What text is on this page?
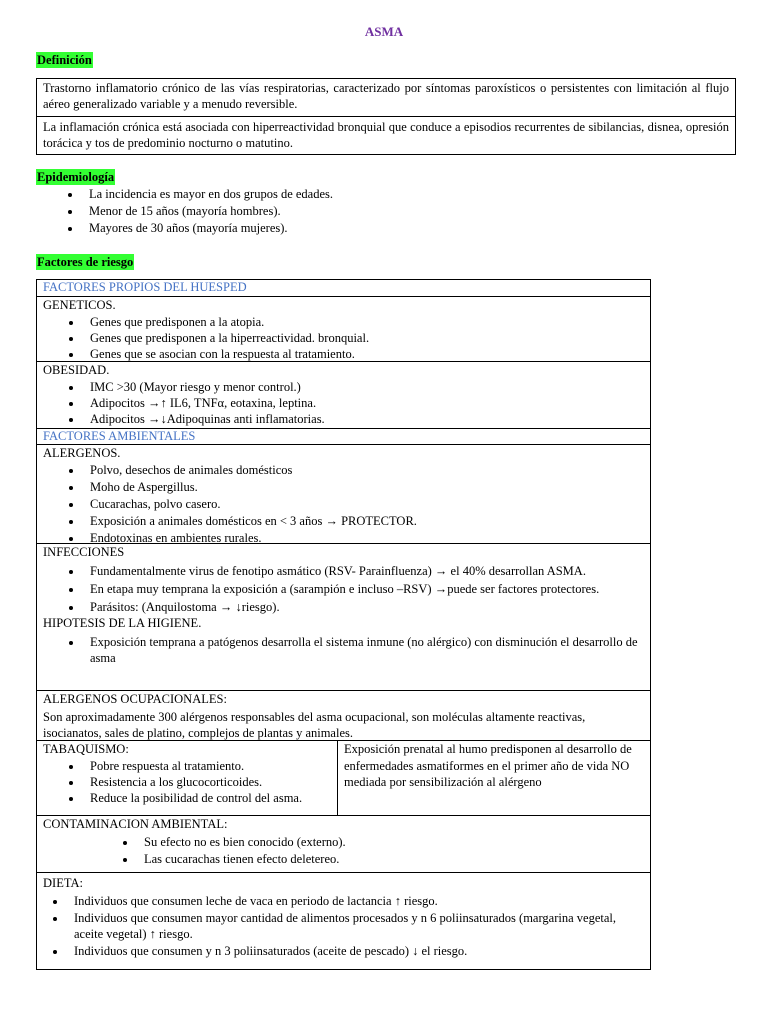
ASMA
Definición
Trastorno inflamatorio crónico de las vías respiratorias, caracterizado por síntomas paroxísticos o persistentes con limitación al flujo aéreo generalizado variable y a menudo reversible.
La inflamación crónica está asociada con hiperreactividad bronquial que conduce a episodios recurrentes de sibilancias, disnea, opresión torácica y tos de predominio nocturno o matutino.
Epidemiología
• La incidencia es mayor en dos grupos de edades.
• Menor de 15 años (mayoría hombres).
• Mayores de 30 años (mayoría mujeres).
Factores de riesgo
FACTORES PROPIOS DEL HUESPED
GENETICOS.
• Genes que predisponen a la atopia.
• Genes que predisponen a la hiperreactividad. bronquial.
• Genes que se asocian con la respuesta al tratamiento.
OBESIDAD.
• IMC >30 (Mayor riesgo y menor control.)
• Adipocitos →↑ IL6, TNFα, eotaxina, leptina.
• Adipocitos →↓Adipoquinas anti inflamatorias.
FACTORES AMBIENTALES
ALERGENOS.
• Polvo, desechos de animales domésticos
• Moho de Aspergillus.
• Cucarachas, polvo casero.
• Exposición a animales domésticos en < 3 años → PROTECTOR.
• Endotoxinas en ambientes rurales.
INFECCIONES
• Fundamentalmente virus de fenotipo asmático (RSV- Parainfluenza) → el 40% desarrollan ASMA.
• En etapa muy temprana la exposición a (sarampión e incluso –RSV) →puede ser factores protectores.
• Parásitos: (Anquilostoma → ↓riesgo).
HIPOTESIS DE LA HIGIENE.
• Exposición temprana a patógenos desarrolla el sistema inmune (no alérgico) con disminución el desarrollo de asma
ALERGENOS OCUPACIONALES:
Son aproximadamente 300 alérgenos responsables del asma ocupacional, son moléculas altamente reactivas, isocianatos, sales de platino, complejos de plantas y animales.
TABAQUISMO:
• Pobre respuesta al tratamiento.
• Resistencia a los glucocorticoides.
• Reduce la posibilidad de control del asma.
Exposición prenatal al humo predisponen al desarrollo de enfermedades asmatiformes en el primer año de vida NO mediada por sensibilización al alérgeno
CONTAMINACION AMBIENTAL:
• Su efecto no es bien conocido (externo).
• Las cucarachas tienen efecto deletereo.
DIETA:
• Individuos que consumen leche de vaca en periodo de lactancia ↑ riesgo.
• Individuos que consumen mayor cantidad de alimentos procesados y n 6 poliinsaturados (margarina vegetal, aceite vegetal) ↑ riesgo.
• Individuos que consumen y n 3 poliinsaturados (aceite de pescado) ↓ el riesgo.
